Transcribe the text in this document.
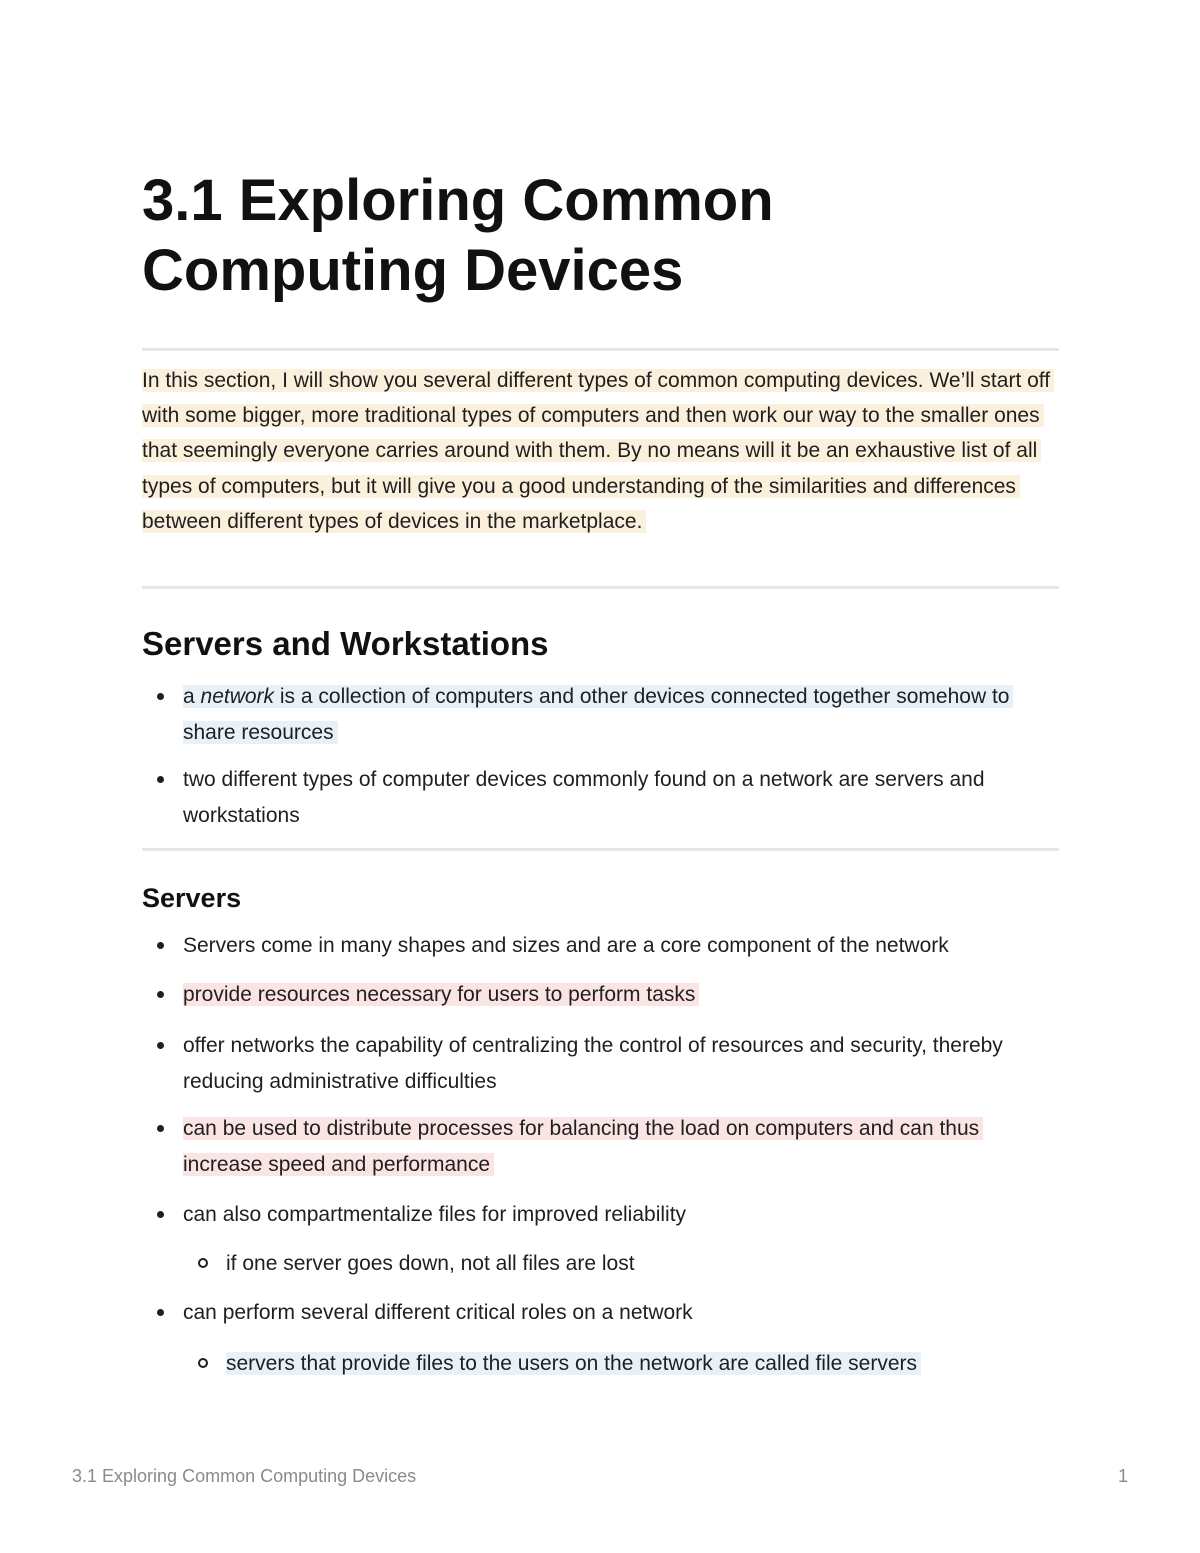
3.1 Exploring Common Computing Devices

In this section, I will show you several different types of common computing devices. We’ll start off with some bigger, more traditional types of computers and then work our way to the smaller ones that seemingly everyone carries around with them. By no means will it be an exhaustive list of all types of computers, but it will give you a good understanding of the similarities and differences between different types of devices in the marketplace.

Servers and Workstations
a network is a collection of computers and other devices connected together somehow to share resources
two different types of computer devices commonly found on a network are servers and workstations
Servers
Servers come in many shapes and sizes and are a core component of the network
provide resources necessary for users to perform tasks
offer networks the capability of centralizing the control of resources and security, thereby reducing administrative difficulties
can be used to distribute processes for balancing the load on computers and can thus increase speed and performance
can also compartmentalize files for improved reliability
if one server goes down, not all files are lost
can perform several different critical roles on a network
servers that provide files to the users on the network are called file servers
3.1 Exploring Common Computing Devices	1
